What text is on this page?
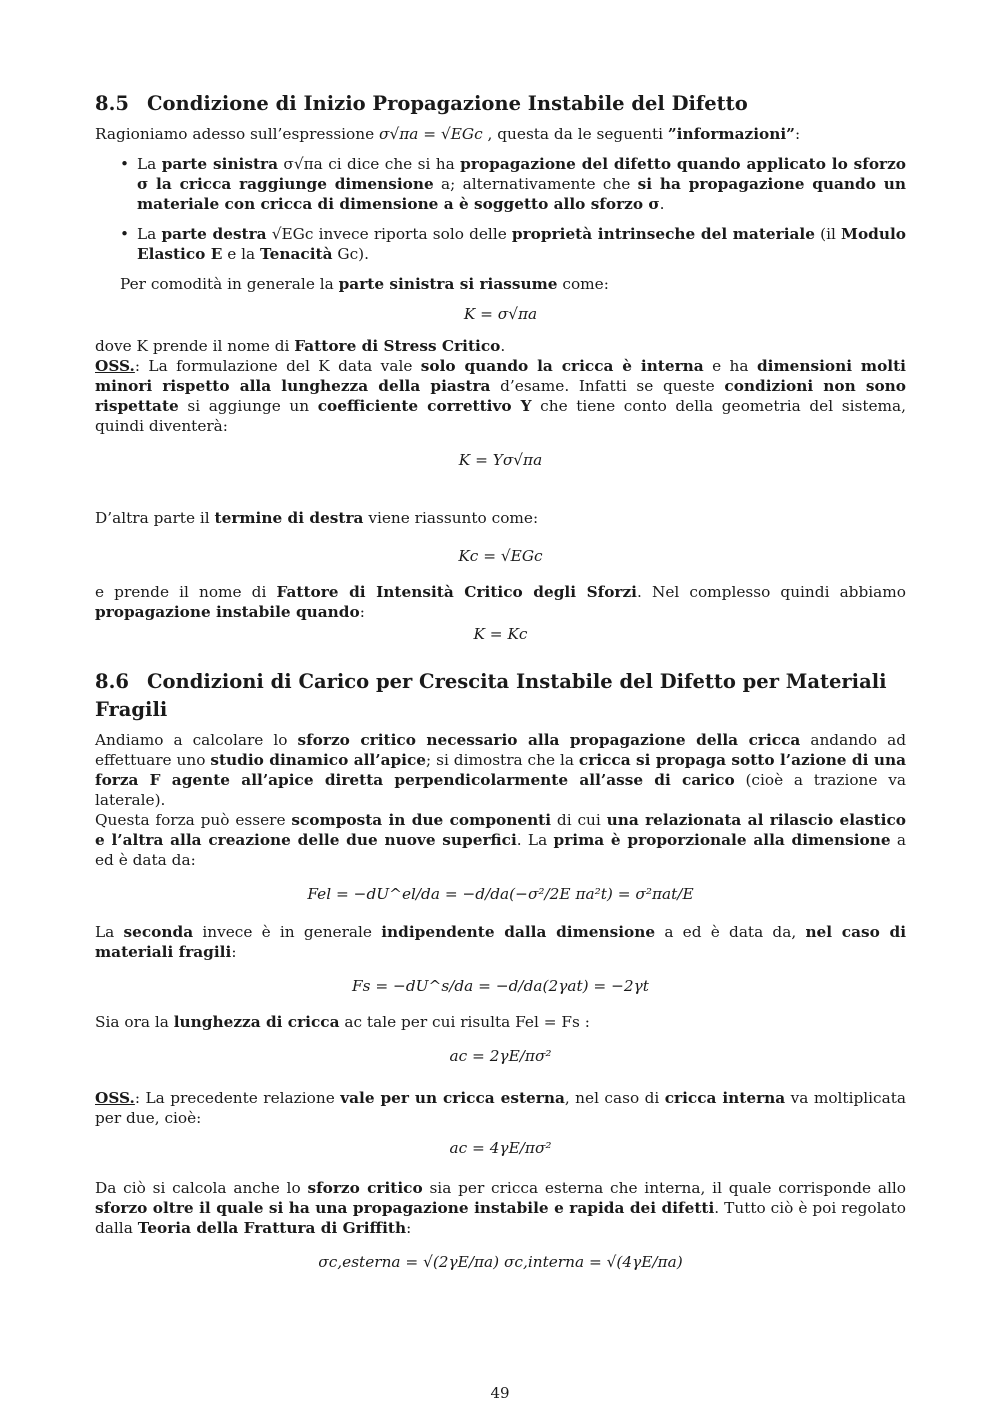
8.5 Condizione di Inizio Propagazione Instabile del Difetto

Ragioniamo adesso sull’espressione σ√πa = √EGc , questa da le seguenti ”informazioni”:

• La parte sinistra σ√πa ci dice che si ha propagazione del difetto quando applicato lo sforzo σ la cricca raggiunge dimensione a; alternativamente che si ha propagazione quando un materiale con cricca di dimensione a è soggetto allo sforzo σ.
• La parte destra √EGc invece riporta solo delle proprietà intrinseche del materiale (il Modulo Elastico E e la Tenacità Gc).

Per comodità in generale la parte sinistra si riassume come:

K = σ√πa

dove K prende il nome di Fattore di Stress Critico.

OSS.: La formulazione del K data vale solo quando la cricca è interna e ha dimensioni molti minori rispetto alla lunghezza della piastra d’esame. Infatti se queste condizioni non sono rispettate si aggiunge un coefficiente correttivo Y che tiene conto della geometria del sistema, quindi diventerà:

K = Yσ√πa

D’altra parte il termine di destra viene riassunto come:

Kc = √EGc

e prende il nome di Fattore di Intensità Critico degli Sforzi. Nel complesso quindi abbiamo propagazione instabile quando:

K = Kc
8.6 Condizioni di Carico per Crescita Instabile del Difetto per Materiali Fragili

Andiamo a calcolare lo sforzo critico necessario alla propagazione della cricca andando ad effettuare uno studio dinamico all’apice; si dimostra che la cricca si propaga sotto l’azione di una forza F agente all’apice diretta perpendicolarmente all’asse di carico (cioè a trazione va laterale).

Questa forza può essere scomposta in due componenti di cui una relazionata al rilascio elastico e l’altra alla creazione delle due nuove superfici. La prima è proporzionale alla dimensione a ed è data da:

Fel = −dU^el/da = −d/da(−σ²/2E πa²t) = σ²πat/E

La seconda invece è in generale indipendente dalla dimensione a ed è data da, nel caso di materiali fragili:

Fs = −dU^s/da = −d/da(2γat) = −2γt

Sia ora la lunghezza di cricca ac tale per cui risulta Fel = Fs :

ac = 2γE/πσ²

OSS.: La precedente relazione vale per un cricca esterna, nel caso di cricca interna va moltiplicata per due, cioè:

ac = 4γE/πσ²

Da ciò si calcola anche lo sforzo critico sia per cricca esterna che interna, il quale corrisponde allo sforzo oltre il quale si ha una propagazione instabile e rapida dei difetti. Tutto ciò è poi regolato dalla Teoria della Frattura di Griffith:

σc,esterna = √(2γE/πa) σc,interna = √(4γE/πa)
49
